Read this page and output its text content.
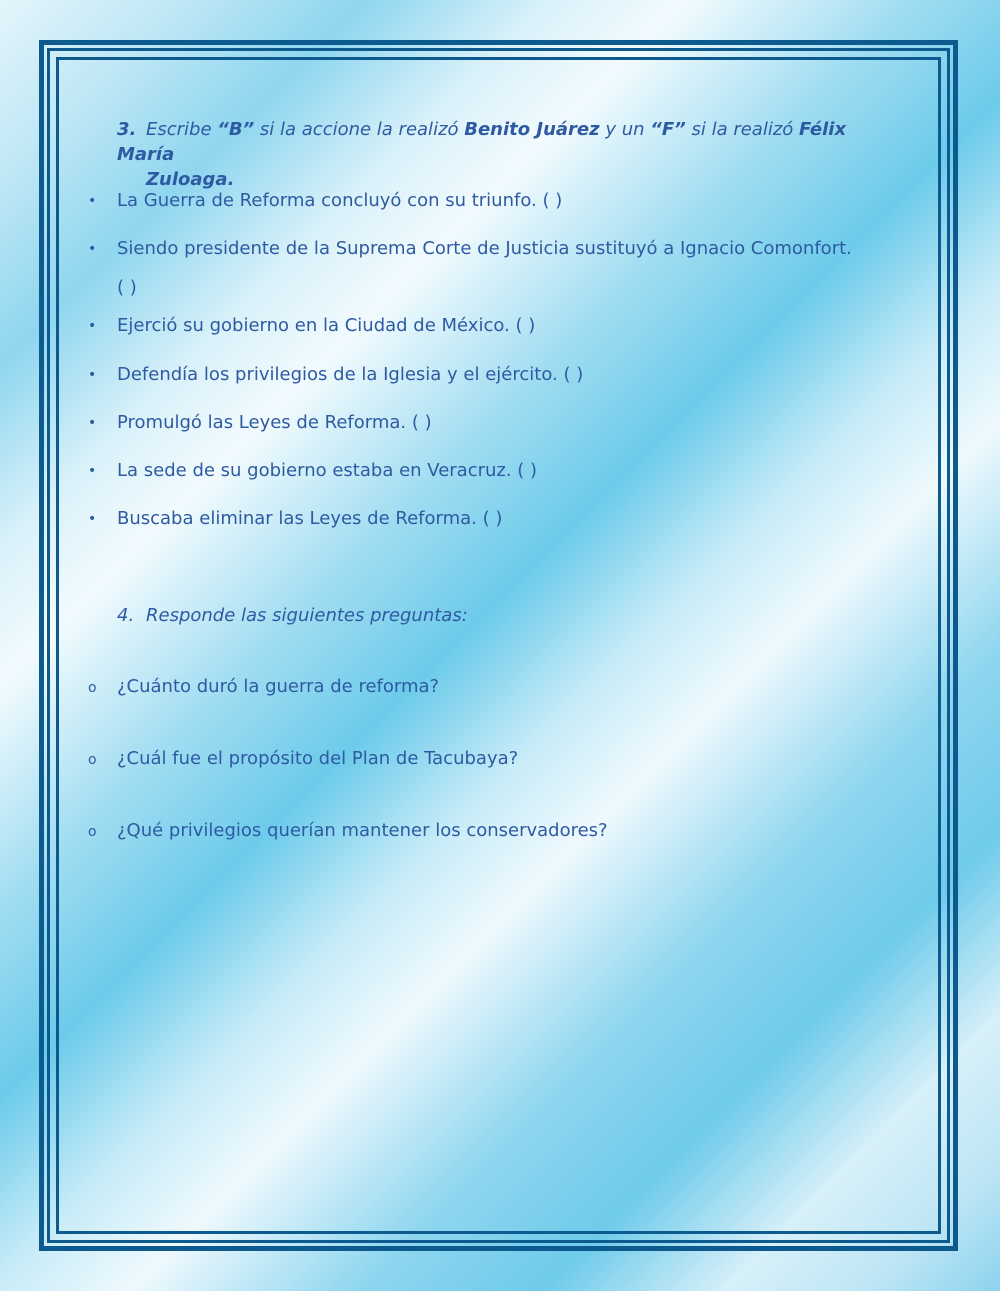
3. Escribe “B” si la accione la realizó Benito Juárez y un “F” si la realizó Félix María
Zuloaga.
• La Guerra de Reforma concluyó con su triunfo. ( )
• Siendo presidente de la Suprema Corte de Justicia sustituyó a Ignacio Comonfort.
( )
• Ejerció su gobierno en la Ciudad de México. ( )
• Defendía los privilegios de la Iglesia y el ejército. ( )
• Promulgó las Leyes de Reforma. ( )
• La sede de su gobierno estaba en Veracruz. ( )
• Buscaba eliminar las Leyes de Reforma. ( )
4. Responde las siguientes preguntas:
o ¿Cuánto duró la guerra de reforma?
o ¿Cuál fue el propósito del Plan de Tacubaya?
o ¿Qué privilegios querían mantener los conservadores?
